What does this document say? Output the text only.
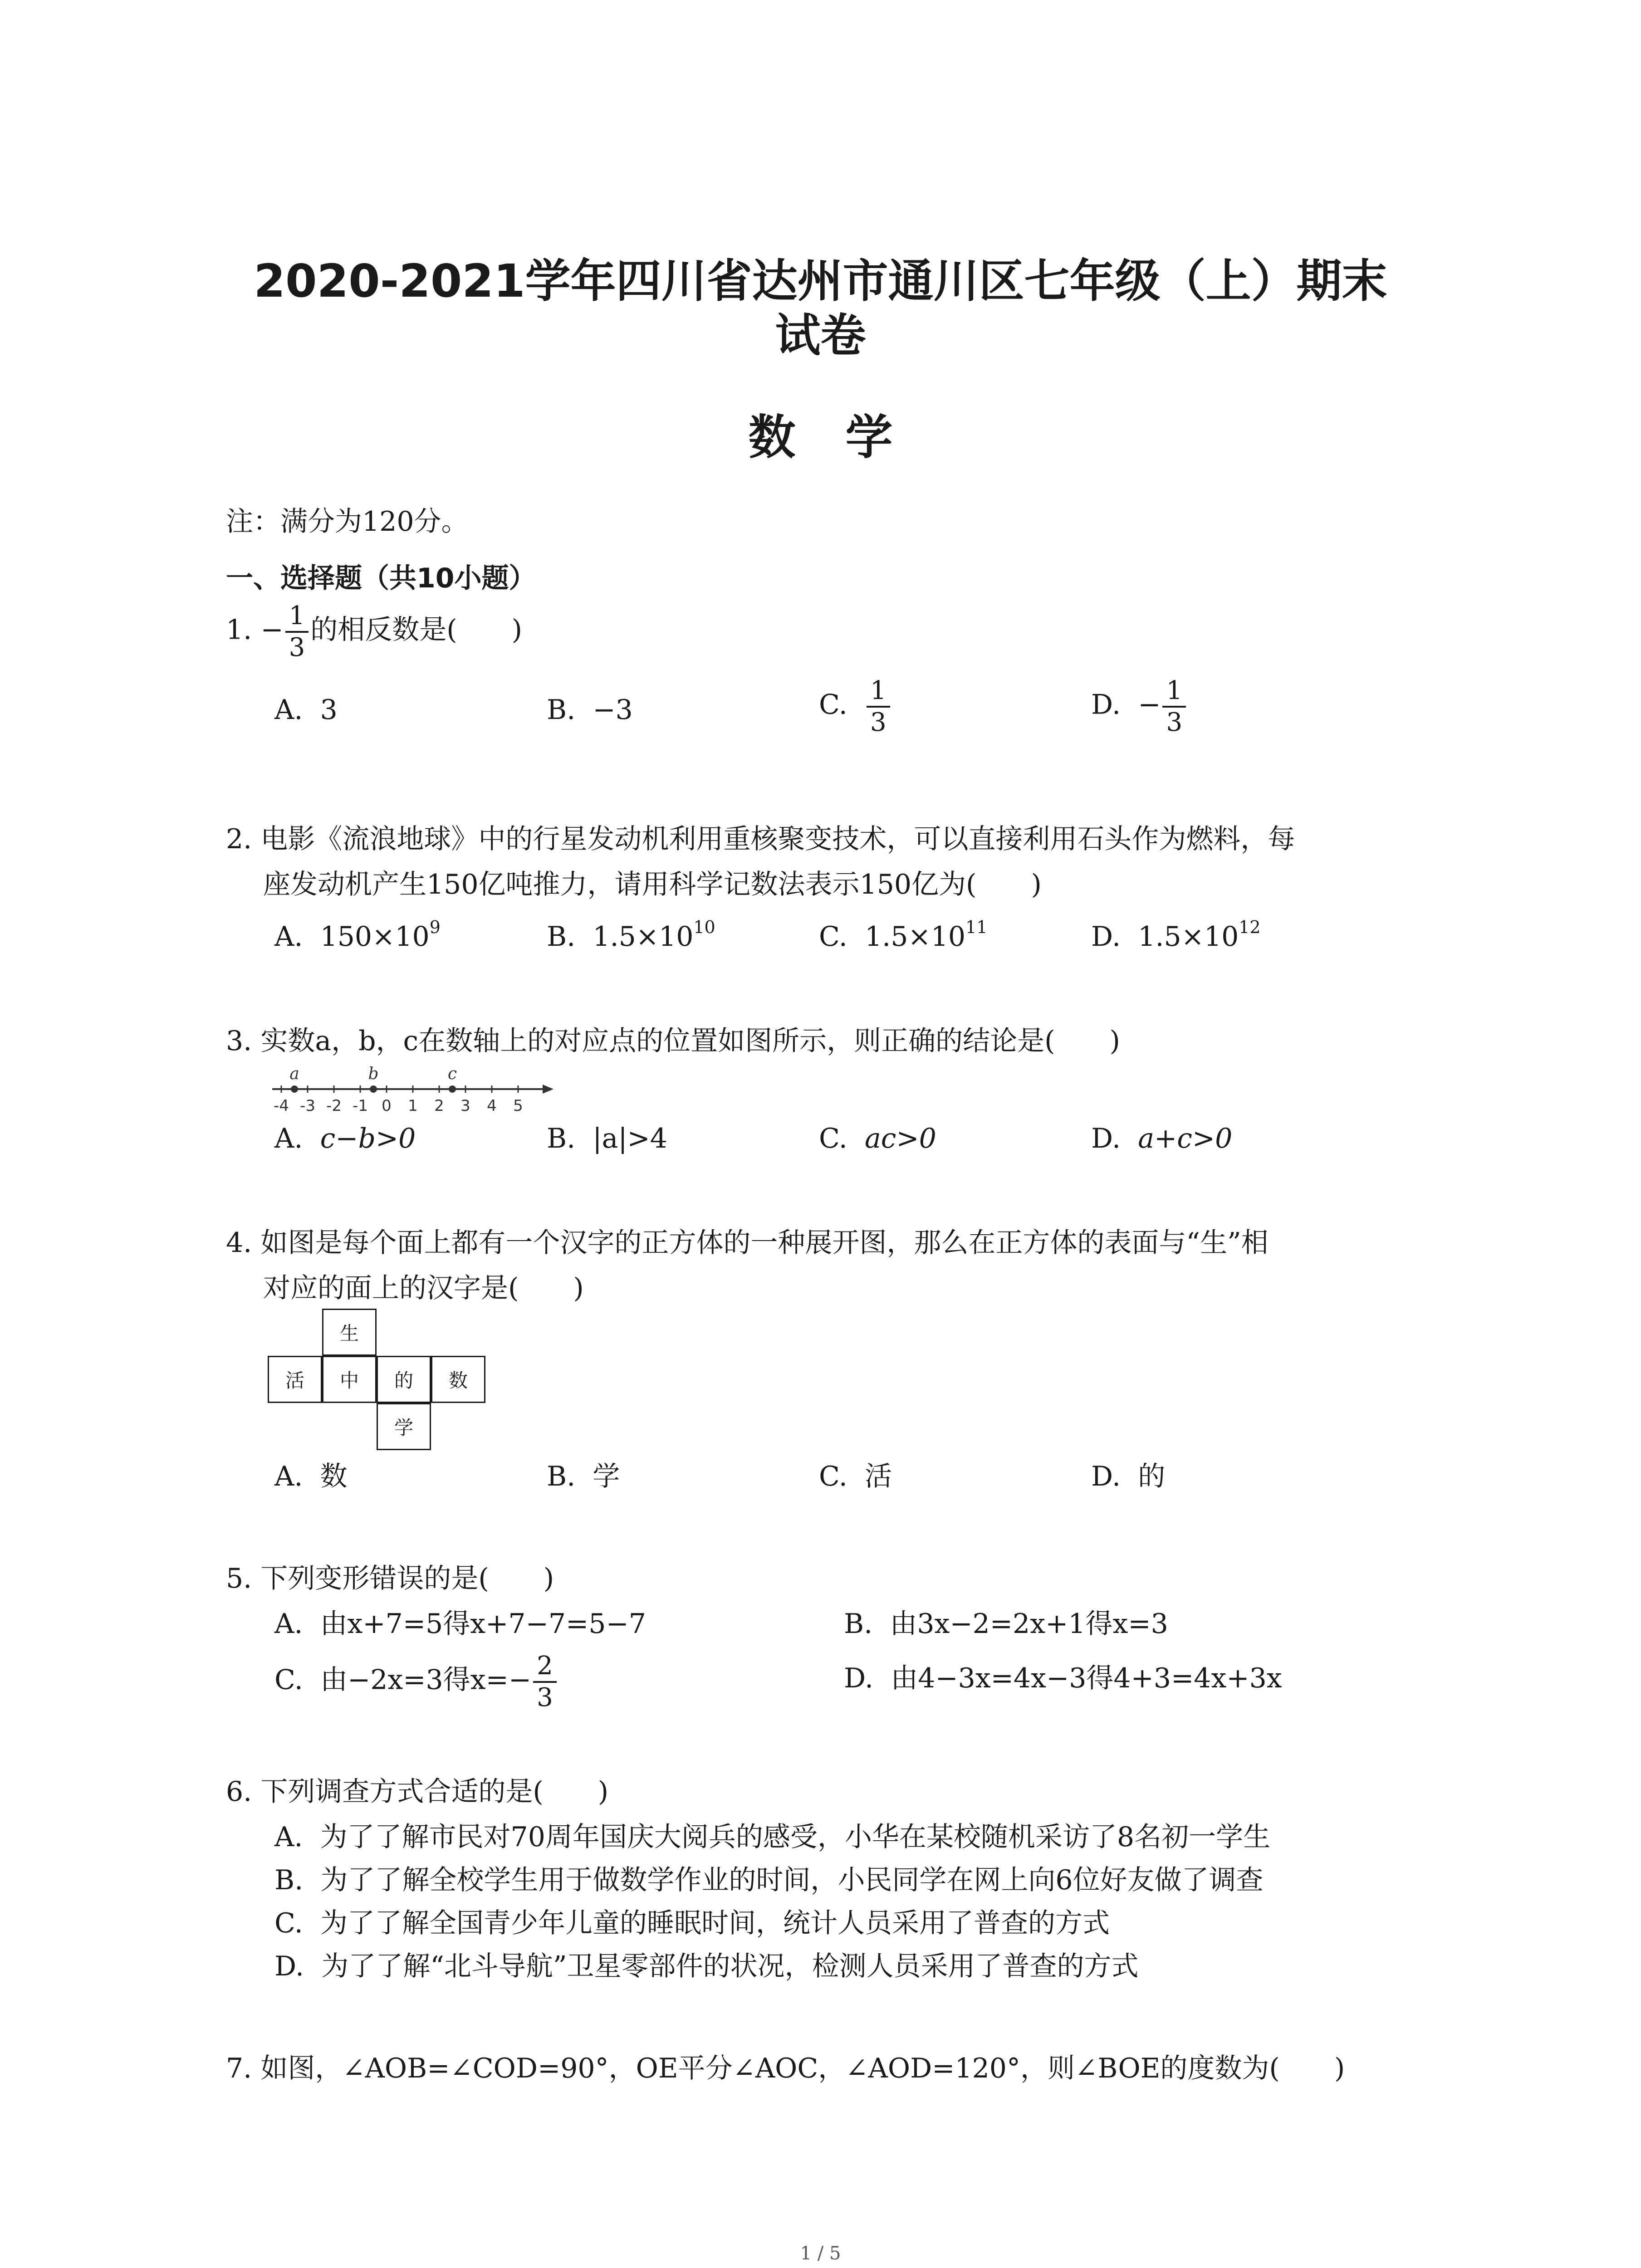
2020-2021学年四川省达州市通川区七年级（上）期末
试卷
数学
注：满分为120分。
一、选择题（共10小题）
1. − $\frac{1}{3}$ 的相反数是(　　)
A. 3	B. −3	C. $\frac{1}{3}$	D. − $\frac{1}{3}$
2. 电影《流浪地球》中的行星发动机利用重核聚变技术，可以直接利用石头作为燃料，每
座发动机产生150亿吨推力，请用科学记数法表示150亿为(　　)
A. $150\times 10^9$	B. $1.5\times 10^{10}$	C. $1.5\times 10^{11}$	D. $1.5\times 10^{12}$
3. 实数a，b，c在数轴上的对应点的位置如图所示，则正确的结论是(　　)
-4 -3 -2 -1 0 1 2 3 4 5
a	b	c
A. c−b>0	B. |a|>4	C. ac>0	D. a+c>0
4. 如图是每个面上都有一个汉字的正方体的一种展开图，那么在正方体的表面与“生”相
对应的面上的汉字是(　　)
生
活	中	的	数
学
A. 数	B. 学	C. 活	D. 的
5. 下列变形错误的是(　　)
A. 由x+7=5得x+7−7=5−7	B. 由3x−2=2x+1得x=3
C. 由−2x=3得$x=- \frac{2}{3}$	D. 由4−3x=4x−3得4+3=4x+3x
6. 下列调查方式合适的是(　　)
A. 为了了解市民对70周年国庆大阅兵的感受，小华在某校随机采访了8名初一学生
B. 为了了解全校学生用于做数学作业的时间，小民同学在网上向6位好友做了调查
C. 为了了解全国青少年儿童的睡眠时间，统计人员采用了普查的方式
D. 为了了解“北斗导航”卫星零部件的状况，检测人员采用了普查的方式
7. 如图，∠AOB=∠COD=90°，OE平分∠AOC，∠AOD=120°，则∠BOE的度数为(　　)
1 / 5
